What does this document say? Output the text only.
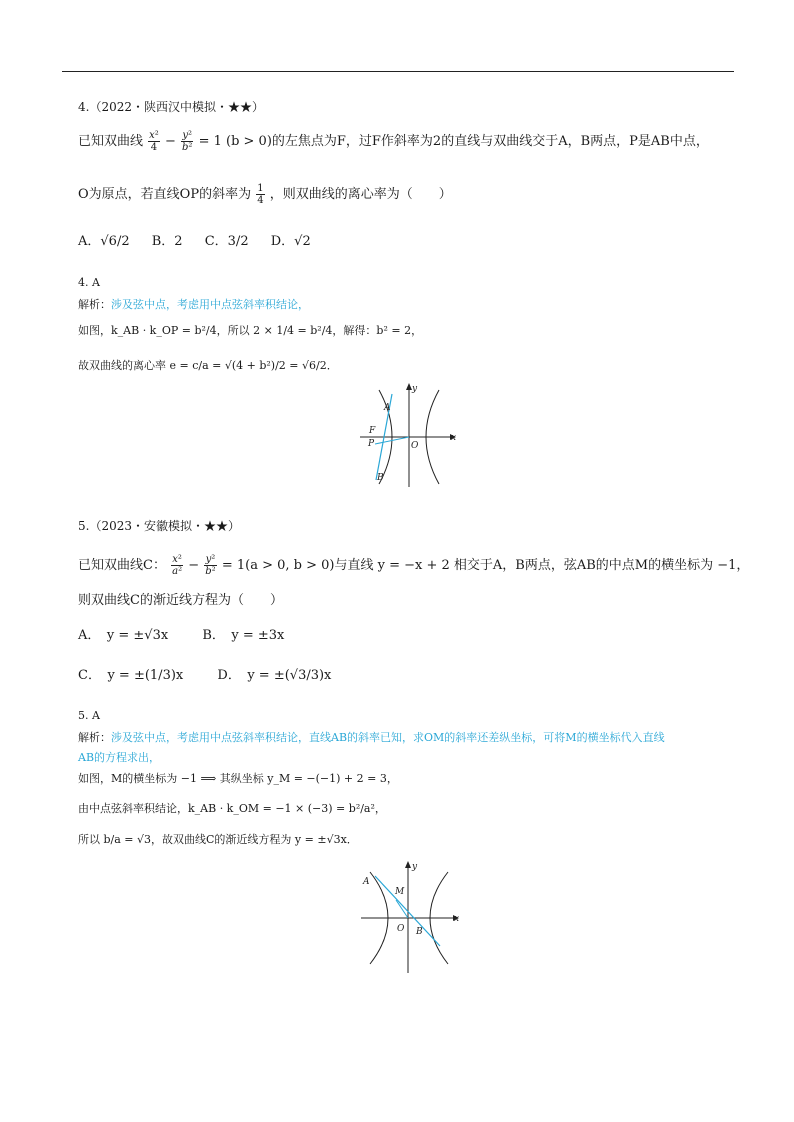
4.（2022・陕西汉中模拟・★★）
已知双曲线 $\frac{\text{x²}}{4} - \frac{\text{y²}}{\text{b²}} = 1$ (b > 0)的左焦点为F，过F作斜率为2的直线与双曲线交于A，B两点，P是AB中点，
O为原点，若直线OP的斜率为 $\frac{1}{4}$ ，则双曲线的离心率为（　　）
A．√6/2 B．2 C．3/2 D．√2
4. A
解析：涉及弦中点，考虑用中点弦斜率积结论，
如图，k_AB · k_OP = b²/4，所以 2 × 1/4 = b²/4，解得：b² = 2，
故双曲线的离心率 e = c/a = √(4 + b²)/2 = √6/2．
y
x
A
F
P	O
B
5.（2023・安徽模拟・★★）
已知双曲线C： $\frac{\text{x²}}{\text{a²}} - \frac{\text{y²}}{\text{b²}} = 1(a > 0$, b > 0)与直线 y = −x + 2 相交于A，B两点，弦AB的中点M的横坐标为 −1，
则双曲线C的渐近线方程为（　　）
A．　y = ±√3x	B．　y = ±3x
C．　y = ±(1/3)x	D．　y = ±(√3/3)x
5. A
解析：涉及弦中点，考虑用中点弦斜率积结论，直线AB的斜率已知，求OM的斜率还差纵坐标，可将M的横坐标代入直线
AB的方程求出，
如图，M的横坐标为 −1 ⟹ 其纵坐标 y_M = −(−1) + 2 = 3，
由中点弦斜率积结论，k_AB · k_OM = −1 × (−3) = b²/a²，
所以 b/a = √3，故双曲线C的渐近线方程为 y = ±√3x．
y
x
A
M
O B
